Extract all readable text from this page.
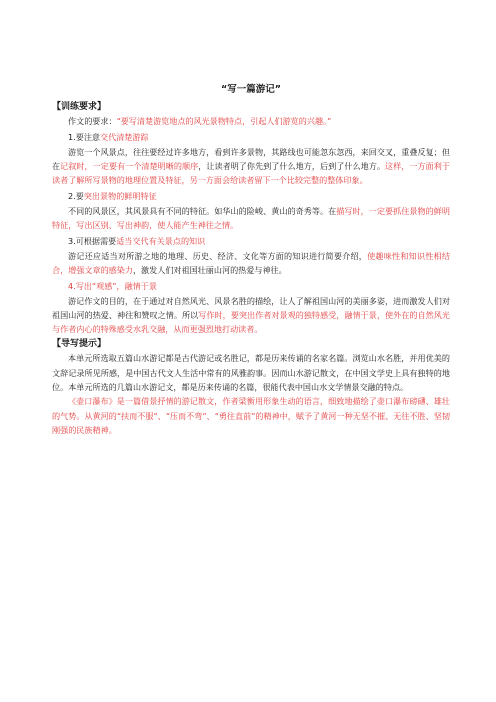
“写一篇游记”
【训练要求】

作文的要求：“要写清楚游览地点的风光景物特点，引起人们游览的兴趣。”

1.要注意交代清楚游踪

游览一个风景点，往往要经过许多地方，看到许多景物，其路线也可能忽东忽西，来回交叉，重叠反复；但在记叙时，一定要有一个清楚明晰的顺序，让读者明了你先到了什么地方，后到了什么地方。这样，一方面利于读者了解所写景物的地理位置及特征，另一方面会给读者留下一个比较完整的整体印象。

2.要突出景物的鲜明特征

不同的风景区，其风景具有不同的特征。如华山的险峻、黄山的奇秀等。在描写时，一定要抓住景物的鲜明特征，写出区别、写出神韵，使人能产生神往之情。

3.可根据需要适当交代有关景点的知识

游记还应适当对所游之地的地理、历史、经济、文化等方面的知识进行简要介绍，使趣味性和知识性相结合，增强文章的感染力，激发人们对祖国壮丽山河的热爱与神往。

4.写出“观感”，融情于景

游记作文的目的，在于通过对自然风光、风景名胜的描绘，让人了解祖国山河的美丽多姿，进而激发人们对祖国山河的热爱、神往和赞叹之情。所以写作时，要突出作者对景观的独特感受，融情于景，使外在的自然风光与作者内心的特殊感受水乳交融，从而更强烈地打动读者。

【导写提示】

本单元所选取五篇山水游记都是古代游记或名胜记，都是历来传诵的名家名篇。浏览山水名胜，并用优美的文辞记录所见所感，是中国古代文人生活中常有的风雅韵事。因而山水游记散文，在中国文学史上具有独特的地位。本单元所选的几篇山水游记文，都是历来传诵的名篇，很能代表中国山水文学情景交融的特点。

《壶口瀑布》是一篇借景抒情的游记散文，作者梁衡用形象生动的语言，细致地描绘了壶口瀑布磅礴、雄壮的气势。从黄河的“扶而不服”、“压而不弯”、“勇往直前”的精神中，赋予了黄河一种无坚不摧、无往不胜、坚韧刚强的民族精神。
